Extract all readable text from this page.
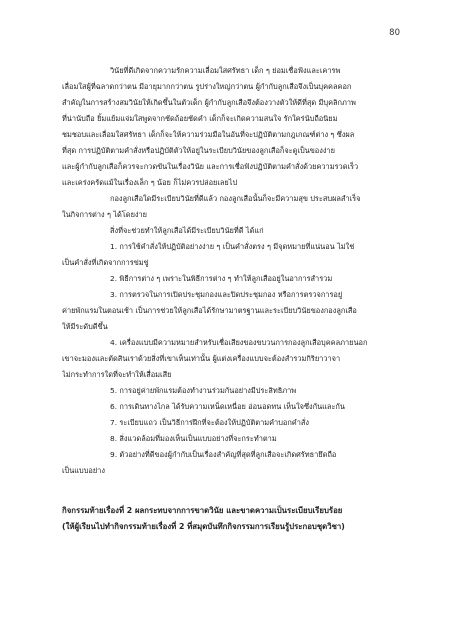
80
วินัยที่ดีเกิดจากความรักความเลื่อมใสศรัทธา เด็ก ๆ ย่อมเชื่อฟังและเคารพ
เลื่อมใสผู้ที่ฉลาดกว่าตน มีอายุมากกว่าตน รูปร่างใหญ่กว่าตน ผู้กำกับลูกเสือจึงเป็นบุคคลคอก
สำคัญในการสร้างสมวินัยให้เกิดขึ้นในตัวเด็ก ผู้กำกับลูกเสือจึงต้องวางตัวให้ดีที่สุด มีบุคลิกภาพ
ที่น่านับถือ ยิ้มแย้มแจ่มใสพูดจากชัดถ้อยชัดคำ เด็กก็จะเกิดความสนใจ รักใคร่นับถือนิยม
ชมชอบและเลื่อมใสศรัทธา เด็กก็จะให้ความร่วมมือในอันที่จะปฏิบัติตามกฎเกณฑ์ต่าง ๆ ซึ่งผล
ที่สุด การปฏิบัติตามคำสั่งหรือปฏิบัติตัวให้อยู่ในระเบียบวินัยของลูกเสือก็จะดูเป็นของง่าย
และผู้กำกับลูกเสือก็ควรจะกวดขันในเรื่องวินัย และการเชื่อฟังปฏิบัติตามคำสั่งด้วยความรวดเร็ว
และเคร่งครัดแม้ในเรื่องเล็ก ๆ น้อย ก็ไม่ควรปล่อยเลยไป
กองลูกเสือใดมีระเบียบวินัยที่ดีแล้ว กองลูกเสือนั้นก็จะมีความสุข ประสบผลสำเร็จ
ในกิจการต่าง ๆ ได้โดยง่าย
สิ่งที่จะช่วยทำให้ลูกเสือได้มีระเบียบวินัยที่ดี ได้แก่
1. การใช้คำสั่งให้ปฏิบัติอย่างง่าย ๆ เป็นคำสั่งตรง ๆ มีจุดหมายที่แน่นอน ไม่ใช่
เป็นคำสั่งที่เกิดจากการข่มขู่
2. พิธีการต่าง ๆ เพราะในพิธีการต่าง ๆ ทำให้ลูกเสืออยู่ในอาการสำรวม
3. การตรวจในการเปิดประชุมกองและปิดประชุมกอง หรือการตรวจการอยู่
ค่ายพักแรมในตอนเช้า เป็นการช่วยให้ลูกเสือได้รักษามาตรฐานและระเบียบวินัยของกองลูกเสือ
ให้มีระดับดีขึ้น
4. เครื่องแบบมีความหมายสำหรับเชื่อเสียงของขบวนการกองลูกเสือบุคคลภายนอก
เขาจะมองและตัดสินเราด้วยสิ่งที่เขาเห็นเท่านั้น ผู้แต่งเครื่องแบบจะต้องสำรวมกิริยาวาจา
ไม่กระทำการใดที่จะทำให้เสื่อมเสีย
5. การอยู่ค่ายพักแรมต้องทำงานร่วมกันอย่างมีประสิทธิภาพ
6. การเดินทางไกล ได้รับความเหน็ดเหนื่อย อ่อนอดทน เห็นใจซึ่งกันและกัน
7. ระเบียบแถว เป็นวิธีการฝึกที่จะต้องให้ปฏิบัติตามคำบอกคำสั่ง
8. สิ่งแวดล้อมที่มองเห็นเป็นแบบอย่างที่จะกระทำตาม
9. ตัวอย่างที่ดีของผู้กำกับเป็นเรื่องสำคัญที่สุดที่ลูกเสือจะเกิดศรัทธายึดถือ
เป็นแบบอย่าง
กิจกรรมท้ายเรื่องที่ 2 ผลกระทบจากการขาดวินัย และขาดความเป็นระเบียบเรียบร้อย
(ให้ผู้เรียนไปทำกิจกรรมท้ายเรื่องที่ 2 ที่สมุดบันทึกกิจกรรมการเรียนรู้ประกอบชุดวิชา)
